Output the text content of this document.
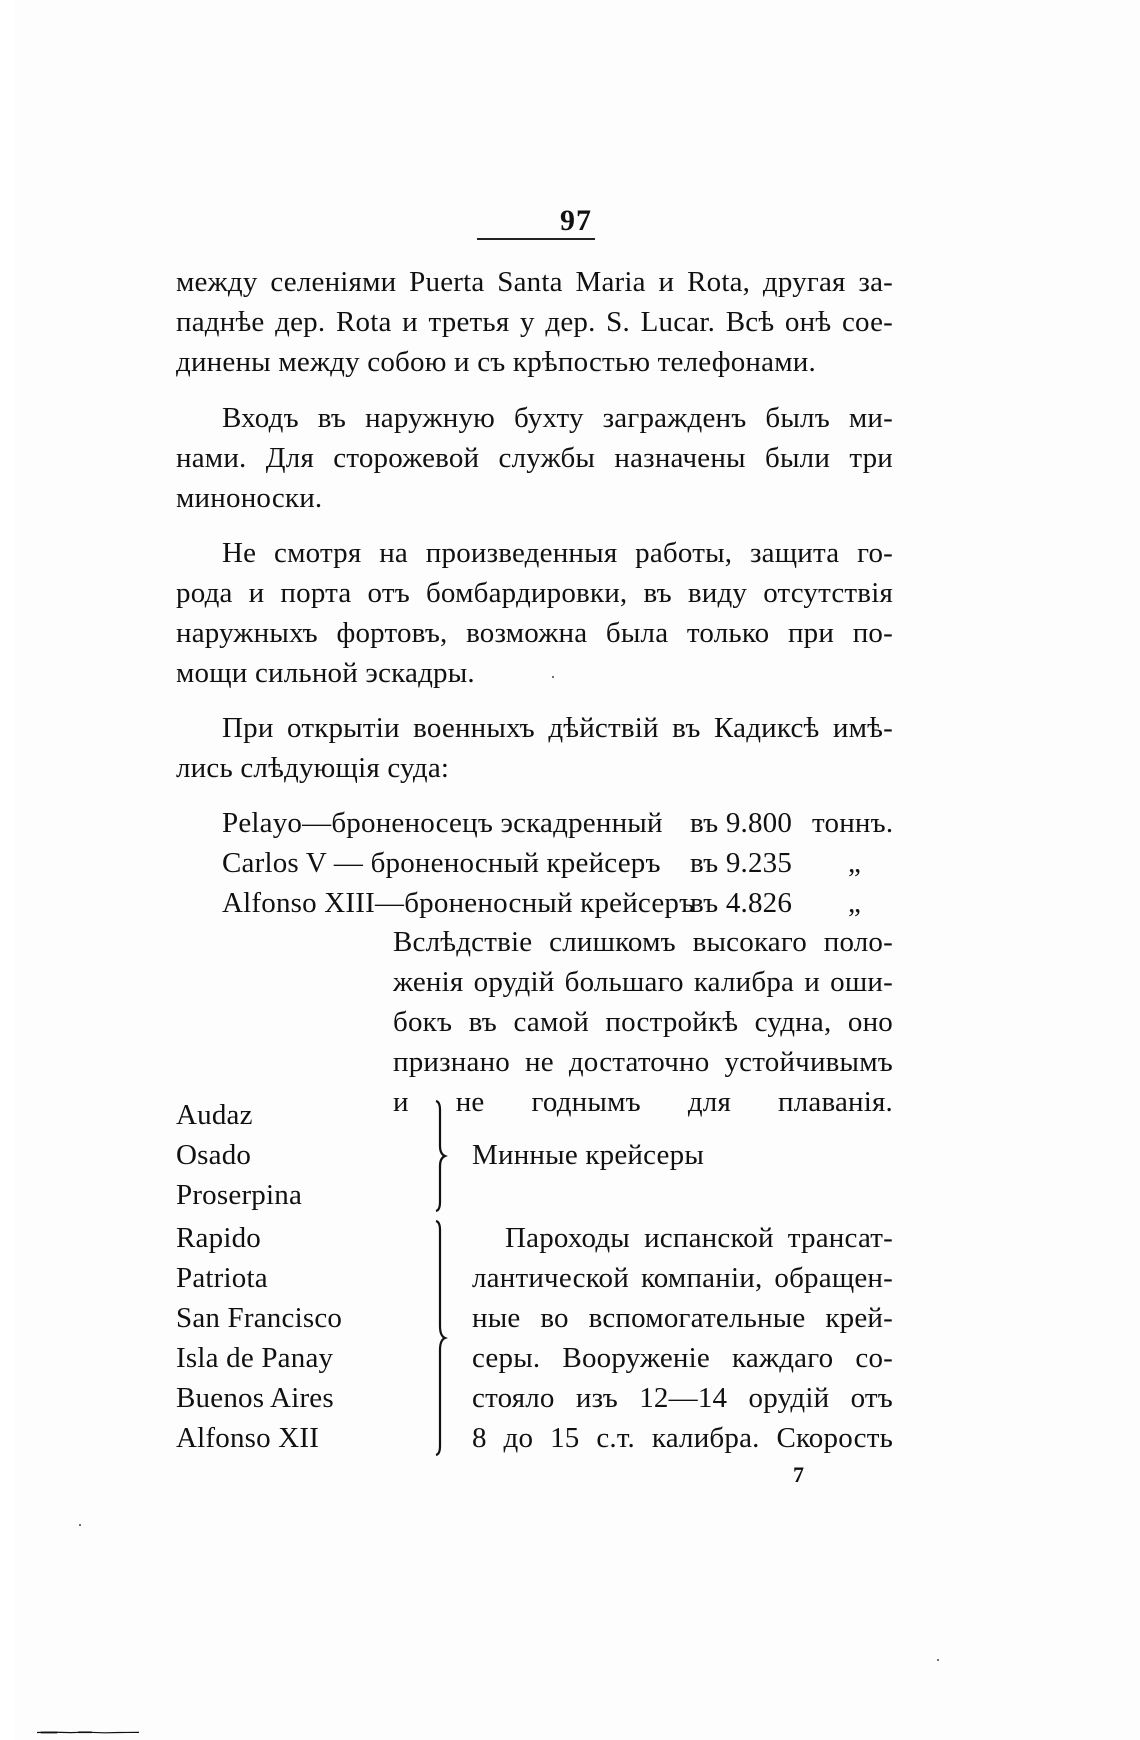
97
между селеніями Puerta Santa Maria и Rota, другая за-
паднѣе дер. Rota и третья у дер. S. Lucar. Всѣ онѣ сое-
динены между собою и съ крѣпостью телефонами.
Входъ въ наружную бухту загражденъ былъ ми-
нами. Для сторожевой службы назначены были три
миноноски.
Не смотря на произведенныя работы, защита го-
рода и порта отъ бомбардировки, въ виду отсутствія
наружныхъ фортовъ, возможна была только при по-
мощи сильной эскадры.
При открытіи военныхъ дѣйствій въ Кадиксѣ имѣ-
лись слѣдующія суда:
Pelayo—броненосецъ эскадренный въ 9.800 тоннъ.
Carlos V — броненосный крейсеръ въ 9.235 „
Alfonso XIII—броненосный крейсеръ
въ 4.826 „
Вслѣдствіе слишкомъ высокаго поло-
женія орудій большаго калибра и оши-
бокъ въ самой постройкѣ судна, оно
признано не достаточно устойчивымъ
и не годнымъ для плаванія.
Audaz
Osado
Proserpina
Минные крейсеры
Rapido
Patriota
San Francisco
Isla de Panay
Buenos Aires
Alfonso XII
Пароходы испанской трансат-
лантической компаніи, обращен-
ные во вспомогательные крей-
серы. Вооруженіе каждаго со-
стояло изъ 12—14 орудій отъ
8 до 15 с.т. калибра. Скорость
7
